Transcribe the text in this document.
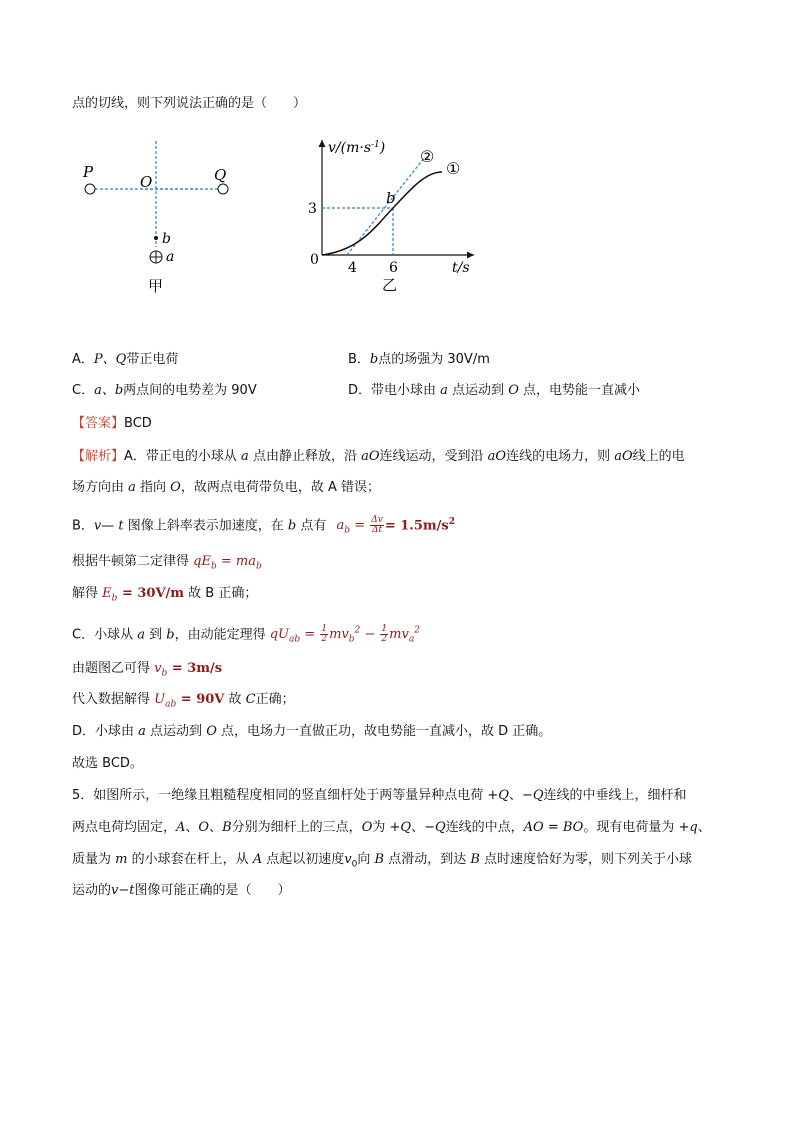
点的切线，则下列说法正确的是（　　）
P
O
b
a
甲
Q
$v/(m\cdot s^{-1})$
0 4 6
3
t/s
b
②
①
乙
A．P、Q带正电荷	B．b点的场强为 30V/m
C．a、b两点间的电势差为 90V	D．带电小球由 a 点运动到 O 点，电势能一直减小
【答案】BCD
【解析】A．带正电的小球从 a 点由静止释放，沿 aO连线运动，受到沿 aO连线的电场力，则 aO线上的电
场方向由 a 指向 O，故两点电荷带负电，故 A 错误；
B．v— t 图像上斜率表示加速度，在 b 点有 $a_b = \frac{\Delta v}{\Delta t} = 1.5m/s^2$
根据牛顿第二定律得 $qE_b = ma_b$
解得 $E_b = 30V/m$ 故 B 正确；
C．小球从 a 到 b，由动能定理得 $qU_{ab} = \frac{1}{2} mv_b^2 - \frac{1}{2} mv_a^2$
由题图乙可得 $v_b = 3m/s$
代入数据解得 $U_{ab} = 90V$ 故 C正确；
D．小球由 a 点运动到 O 点，电场力一直做正功，故电势能一直减小，故 D 正确。
故选 BCD。
5．如图所示，一绝缘且粗糙程度相同的竖直细杆处于两等量异种点电荷 +Q、−Q连线的中垂线上，细杆和
两点电荷均固定，A、O、B分别为细杆上的三点，O为 +Q、−Q连线的中点，AO = BO。现有电荷量为 +q、
质量为 m 的小球套在杆上，从 A 点起以初速度$v_0$向 B 点滑动，到达 B 点时速度恰好为零，则下列关于小球
运动的v−t图像可能正确的是（　　）
